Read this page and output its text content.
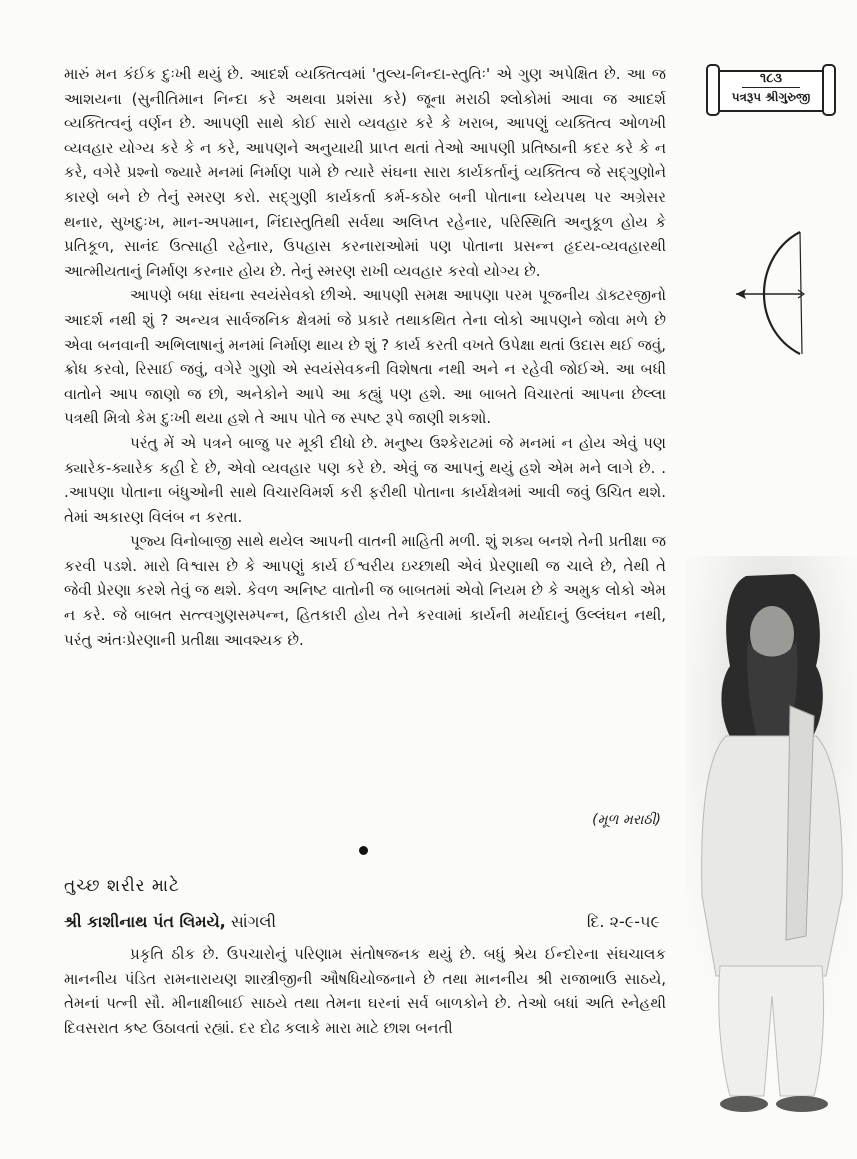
૧૮૩
પત્રરૂપ શ્રીગુરુજી

મારું મન કંઈક દુઃખી થયું છે. આદર્શ વ્યક્તિત્વમાં 'તુલ્ય-નિન્દા-સ્તુતિઃ' એ ગુણ અપેક્ષિત છે. આ જ આશયના (સુનીતિમાન નિન્દા કરે અથવા પ્રશંસા કરે) જૂના મરાઠી શ્લોકોમાં આવા જ આદર્શ વ્યક્તિત્વનું વર્ણન છે. આપણી સાથે કોઈ સારો વ્યવહાર કરે કે ખરાબ, આપણું વ્યક્તિત્વ ઓળખી વ્યવહાર યોગ્ય કરે કે ન કરે, આપણને અનુયાયી પ્રાપ્ત થતાં તેઓ આપણી પ્રતિષ્ઠાની કદર કરે કે ન કરે, વગેરે પ્રશ્નો જ્યારે મનમાં નિર્માણ પામે છે ત્યારે સંઘના સારા કાર્યકર્તાનું વ્યક્તિત્વ જે સદ્ગુણોને કારણે બને છે તેનું સ્મરણ કરો. સદ્ગુણી કાર્યકર્તા કર્મ-કઠોર બની પોતાના ધ્યેયપથ પર અગ્રેસર થનાર, સુખદુઃખ, માન-અપમાન, નિંદાસ્તુતિથી સર્વથા અલિપ્ત રહેનાર, પરિસ્થિતિ અનુકૂળ હોય કે પ્રતિકૂળ, સાનંદ ઉત્સાહી રહેનાર, ઉપહાસ કરનારાઓમાં પણ પોતાના પ્રસન્ન હૃદય-વ્યવહારથી આત્મીયતાનું નિર્માણ કરનાર હોય છે. તેનું સ્મરણ રાખી વ્યવહાર કરવો યોગ્ય છે.

આપણે બધા સંઘના સ્વયંસેવકો છીએ. આપણી સમક્ષ આપણા પરમ પૂજનીય ડૉક્ટરજીનો આદર્શ નથી શું ? અન્યત્ર સાર્વજનિક ક્ષેત્રમાં જે પ્રકારે તથાકથિત તેના લોકો આપણને જોવા મળે છે એવા બનવાની અભિલાષાનું મનમાં નિર્માણ થાય છે શું ? કાર્ય કરતી વખતે ઉપેક્ષા થતાં ઉદાસ થઈ જવું, ક્રોધ કરવો, રિસાઈ જવું, વગેરે ગુણો એ સ્વયંસેવકની વિશેષતા નથી અને ન રહેવી જોઈએ. આ બધી વાતોને આપ જાણો જ છો, અનેકોને આપે આ કહ્યું પણ હશે. આ બાબતે વિચારતાં આપના છેલ્લા પત્રથી મિત્રો કેમ દુઃખી થયા હશે તે આપ પોતે જ સ્પષ્ટ રૂપે જાણી શકશો.

પરંતુ મેં એ પત્રને બાજુ પર મૂકી દીધો છે. મનુષ્ય ઉશ્કેરાટમાં જે મનમાં ન હોય એવું પણ ક્યારેક-ક્યારેક કહી દે છે, એવો વ્યવહાર પણ કરે છે. એવું જ આપનું થયું હશે એમ મને લાગે છે. . .આપણા પોતાના બંધુઓની સાથે વિચારવિમર્શ કરી ફરીથી પોતાના કાર્યક્ષેત્રમાં આવી જવું ઉચિત થશે. તેમાં અકારણ વિલંબ ન કરતા.

પૂજ્ય વિનોબાજી સાથે થયેલ આપની વાતની માહિતી મળી. શું શક્ય બનશે તેની પ્રતીક્ષા જ કરવી પડશે. મારો વિશ્વાસ છે કે આપણું કાર્ય ઈશ્વરીય ઇચ્છાથી એવં પ્રેરણાથી જ ચાલે છે, તેથી તે જેવી પ્રેરણા કરશે તેવું જ થશે. કેવળ અનિષ્ટ વાતોની જ બાબતમાં એવો નિયમ છે કે અમુક લોકો એમ ન કરે. જે બાબત સત્ત્વગુણસમ્પન્ન, હિતકારી હોય તેને કરવામાં કાર્યની મર્યાદાનું ઉલ્લંઘન નથી, પરંતુ અંતઃપ્રેરણાની પ્રતીક્ષા આવશ્યક છે.

(મૂળ મરાઠી)
તુચ્છ શરીર માટે
શ્રી કાશીનાથ પંત લિમયે, સાંગલી	દિ. ૨-૯-૫૯
પ્રકૃતિ ઠીક છે. ઉપચારોનું પરિણામ સંતોષજનક થયું છે. બધું શ્રેય ઈન્દોરના સંઘચાલક માનનીય પંડિત રામનારાયણ શાસ્ત્રીજીની ઔષધિયોજનાને છે તથા માનનીય શ્રી રાજાભાઉ સાઠયે, તેમનાં પત્ની સૌ. મીનાક્ષીબાઈ સાઠયે તથા તેમના ઘરનાં સર્વ બાળકોને છે. તેઓ બધાં અતિ સ્નેહથી દિવસરાત કષ્ટ ઉઠાવતાં રહ્યાં. દર દોઢ કલાકે મારા માટે છાશ બનતી
